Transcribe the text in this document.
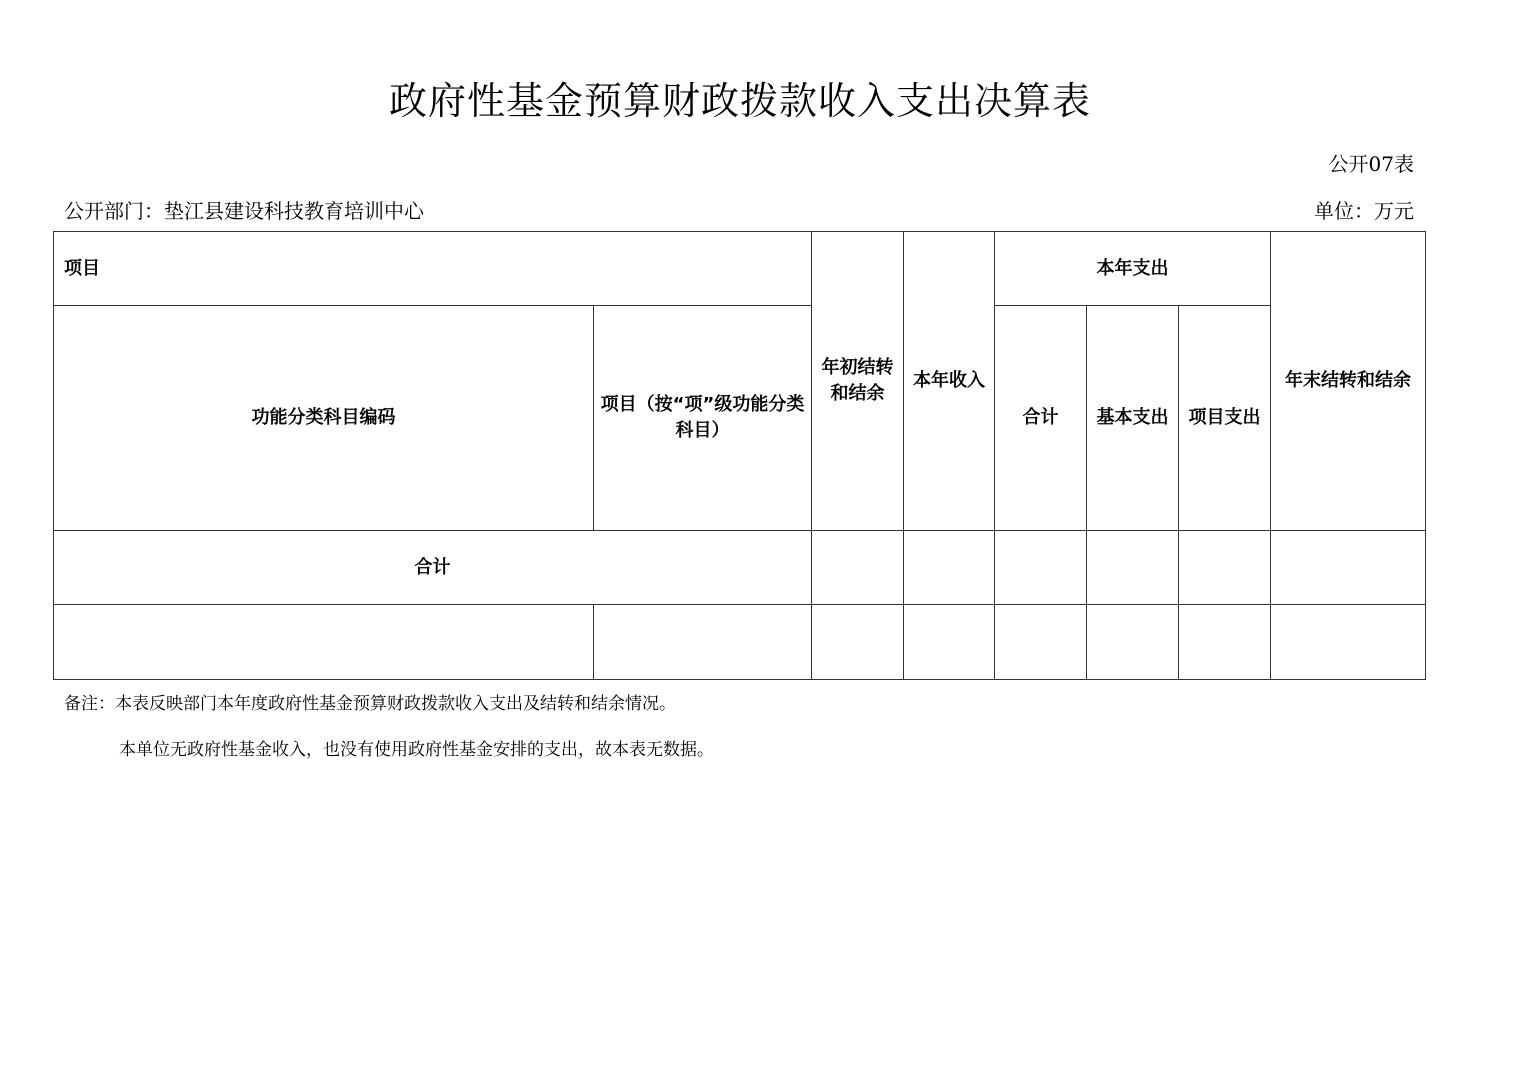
政府性基金预算财政拨款收入支出决算表
公开07表
公开部门：垫江县建设科技教育培训中心	单位：万元
项目		年初结转和结余	本年收入	本年支出			年末结转和结余
功能分类科目编码	项目（按“项”级功能分类科目）			合计	基本支出	项目支出	
合计							

备注：本表反映部门本年度政府性基金预算财政拨款收入支出及结转和结余情况。

本单位无政府性基金收入，也没有使用政府性基金安排的支出，故本表无数据。
